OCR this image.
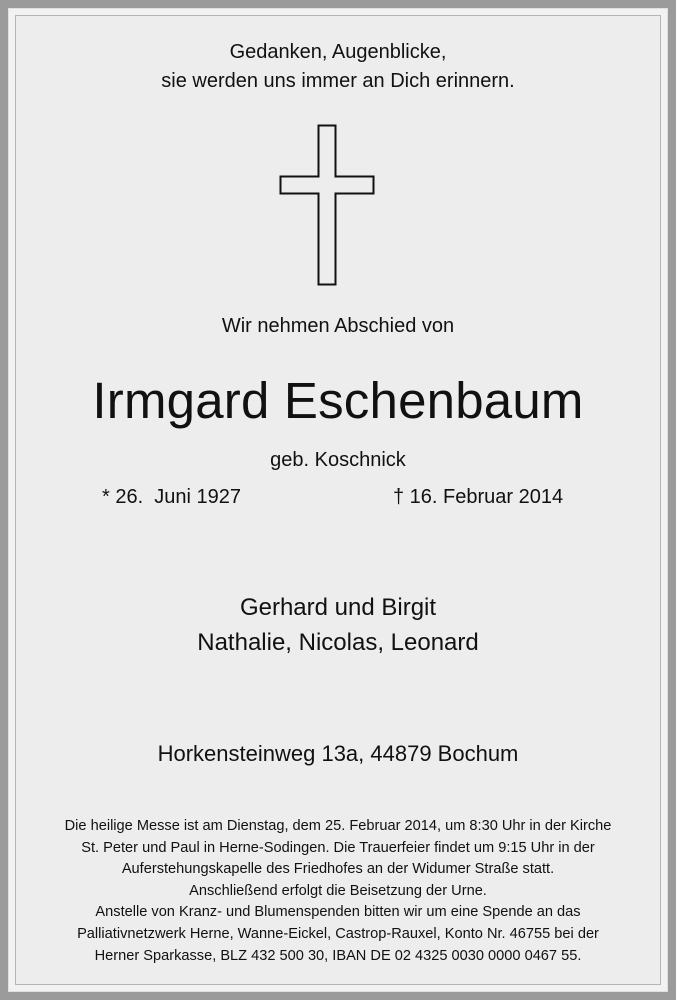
Gedanken, Augenblicke,
sie werden uns immer an Dich erinnern.
Wir nehmen Abschied von
Irmgard Eschenbaum
geb. Koschnick
* 26.  Juni 1927	† 16. Februar 2014
Gerhard und Birgit
Nathalie, Nicolas, Leonard
Horkensteinweg 13a, 44879 Bochum
Die heilige Messe ist am Dienstag, dem 25. Februar 2014, um 8:30 Uhr in der Kirche
St. Peter und Paul in Herne-Sodingen. Die Trauerfeier findet um 9:15 Uhr in der
Auferstehungskapelle des Friedhofes an der Widumer Straße statt.
Anschließend erfolgt die Beisetzung der Urne.
Anstelle von Kranz- und Blumenspenden bitten wir um eine Spende an das
Palliativnetzwerk Herne, Wanne-Eickel, Castrop-Rauxel, Konto Nr. 46755 bei der
Herner Sparkasse, BLZ 432 500 30, IBAN DE 02 4325 0030 0000 0467 55.
